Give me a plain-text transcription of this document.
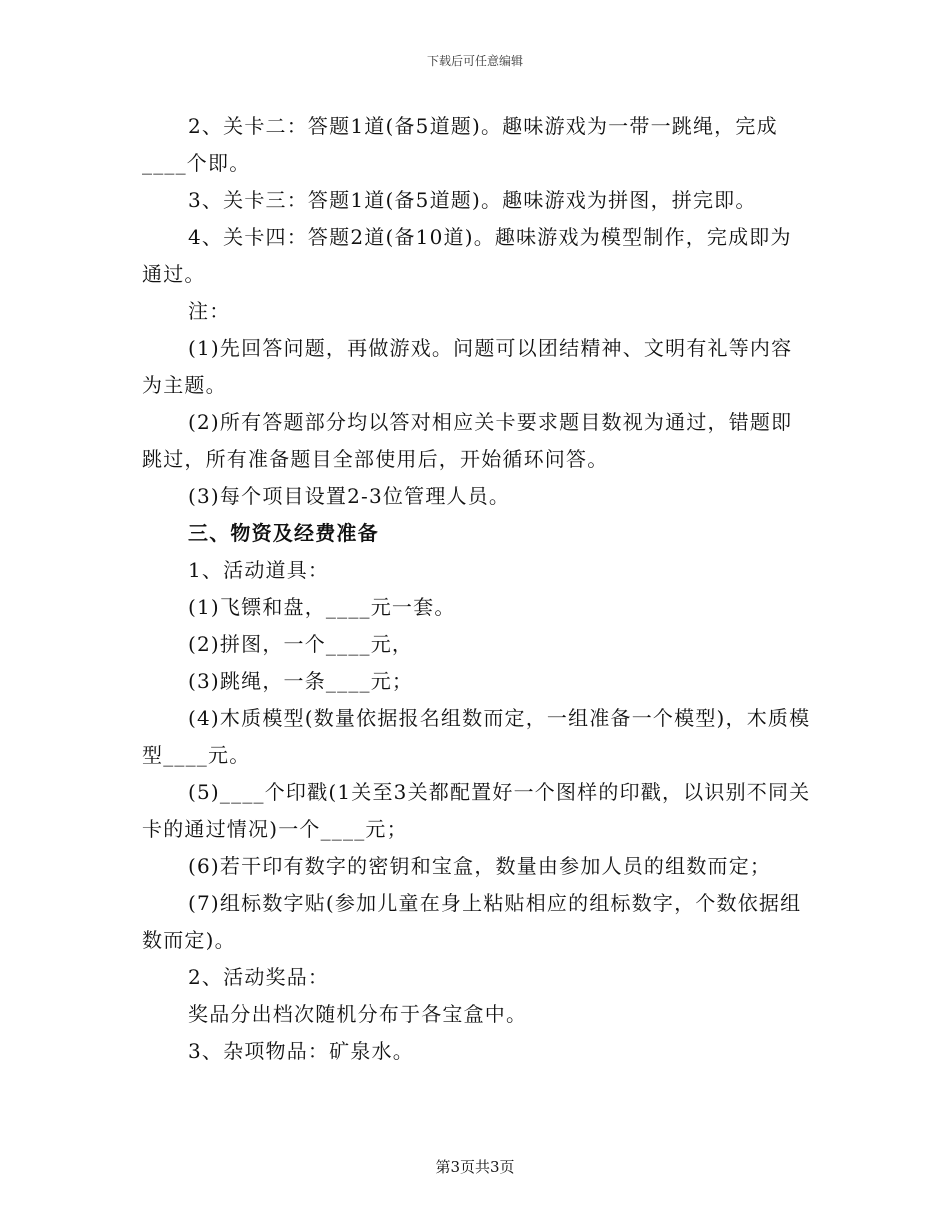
下载后可任意编辑

2、关卡二：答题1道(备5道题)。趣味游戏为一带一跳绳，完成____个即。

3、关卡三：答题1道(备5道题)。趣味游戏为拼图，拼完即。

4、关卡四：答题2道(备10道)。趣味游戏为模型制作，完成即为通过。

注：

(1)先回答问题，再做游戏。问题可以团结精神、文明有礼等内容为主题。

(2)所有答题部分均以答对相应关卡要求题目数视为通过，错题即跳过，所有准备题目全部使用后，开始循环问答。

(3)每个项目设置2-3位管理人员。

三、物资及经费准备

1、活动道具：

(1)飞镖和盘，____元一套。

(2)拼图，一个____元，

(3)跳绳，一条____元；

(4)木质模型(数量依据报名组数而定，一组准备一个模型)，木质模型____元。

(5)____个印戳(1关至3关都配置好一个图样的印戳，以识别不同关卡的通过情况)一个____元；

(6)若干印有数字的密钥和宝盒，数量由参加人员的组数而定；

(7)组标数字贴(参加儿童在身上粘贴相应的组标数字，个数依据组数而定)。

2、活动奖品：

奖品分出档次随机分布于各宝盒中。

3、杂项物品：矿泉水。

第3页共3页
